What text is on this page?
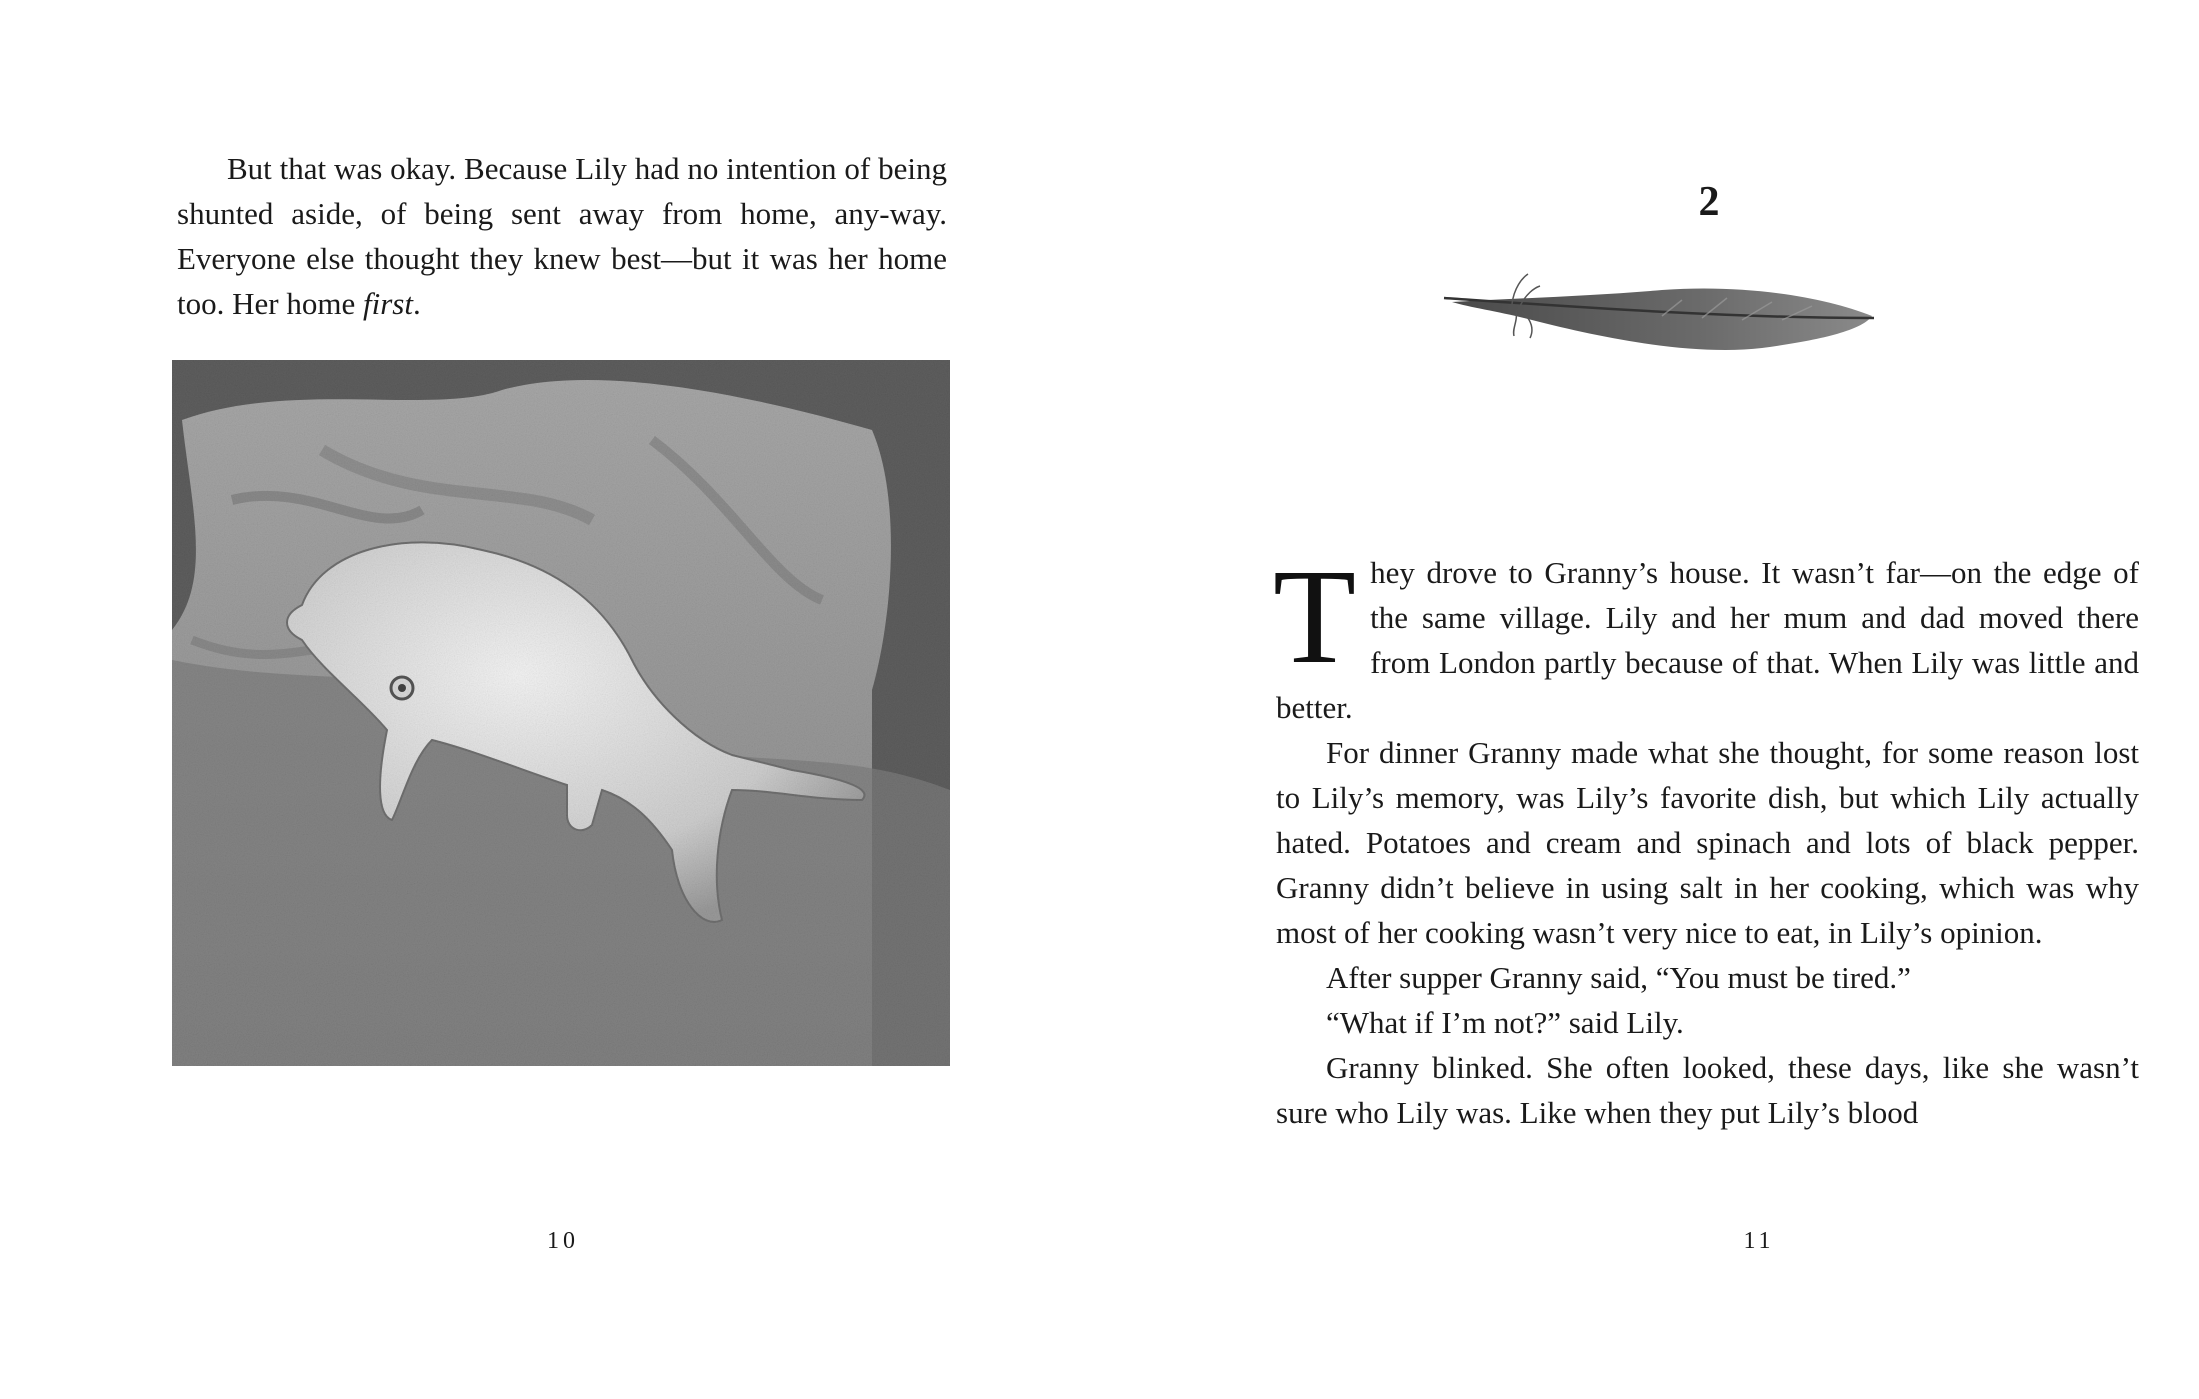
But that was okay. Because Lily had no intention of being shunted aside, of being sent away from home, any-way. Everyone else thought they knew best—but it was her home too. Her home first.

10
2

They drove to Granny’s house. It wasn’t far—on the edge of the same village. Lily and her mum and dad moved there from London partly because of that. When Lily was little and better.

For dinner Granny made what she thought, for some reason lost to Lily’s memory, was Lily’s favorite dish, but which Lily actually hated. Potatoes and cream and spinach and lots of black pepper. Granny didn’t believe in using salt in her cooking, which was why most of her cooking wasn’t very nice to eat, in Lily’s opinion.

After supper Granny said, “You must be tired.”

“What if I’m not?” said Lily.

Granny blinked. She often looked, these days, like she wasn’t sure who Lily was. Like when they put Lily’s blood

11
